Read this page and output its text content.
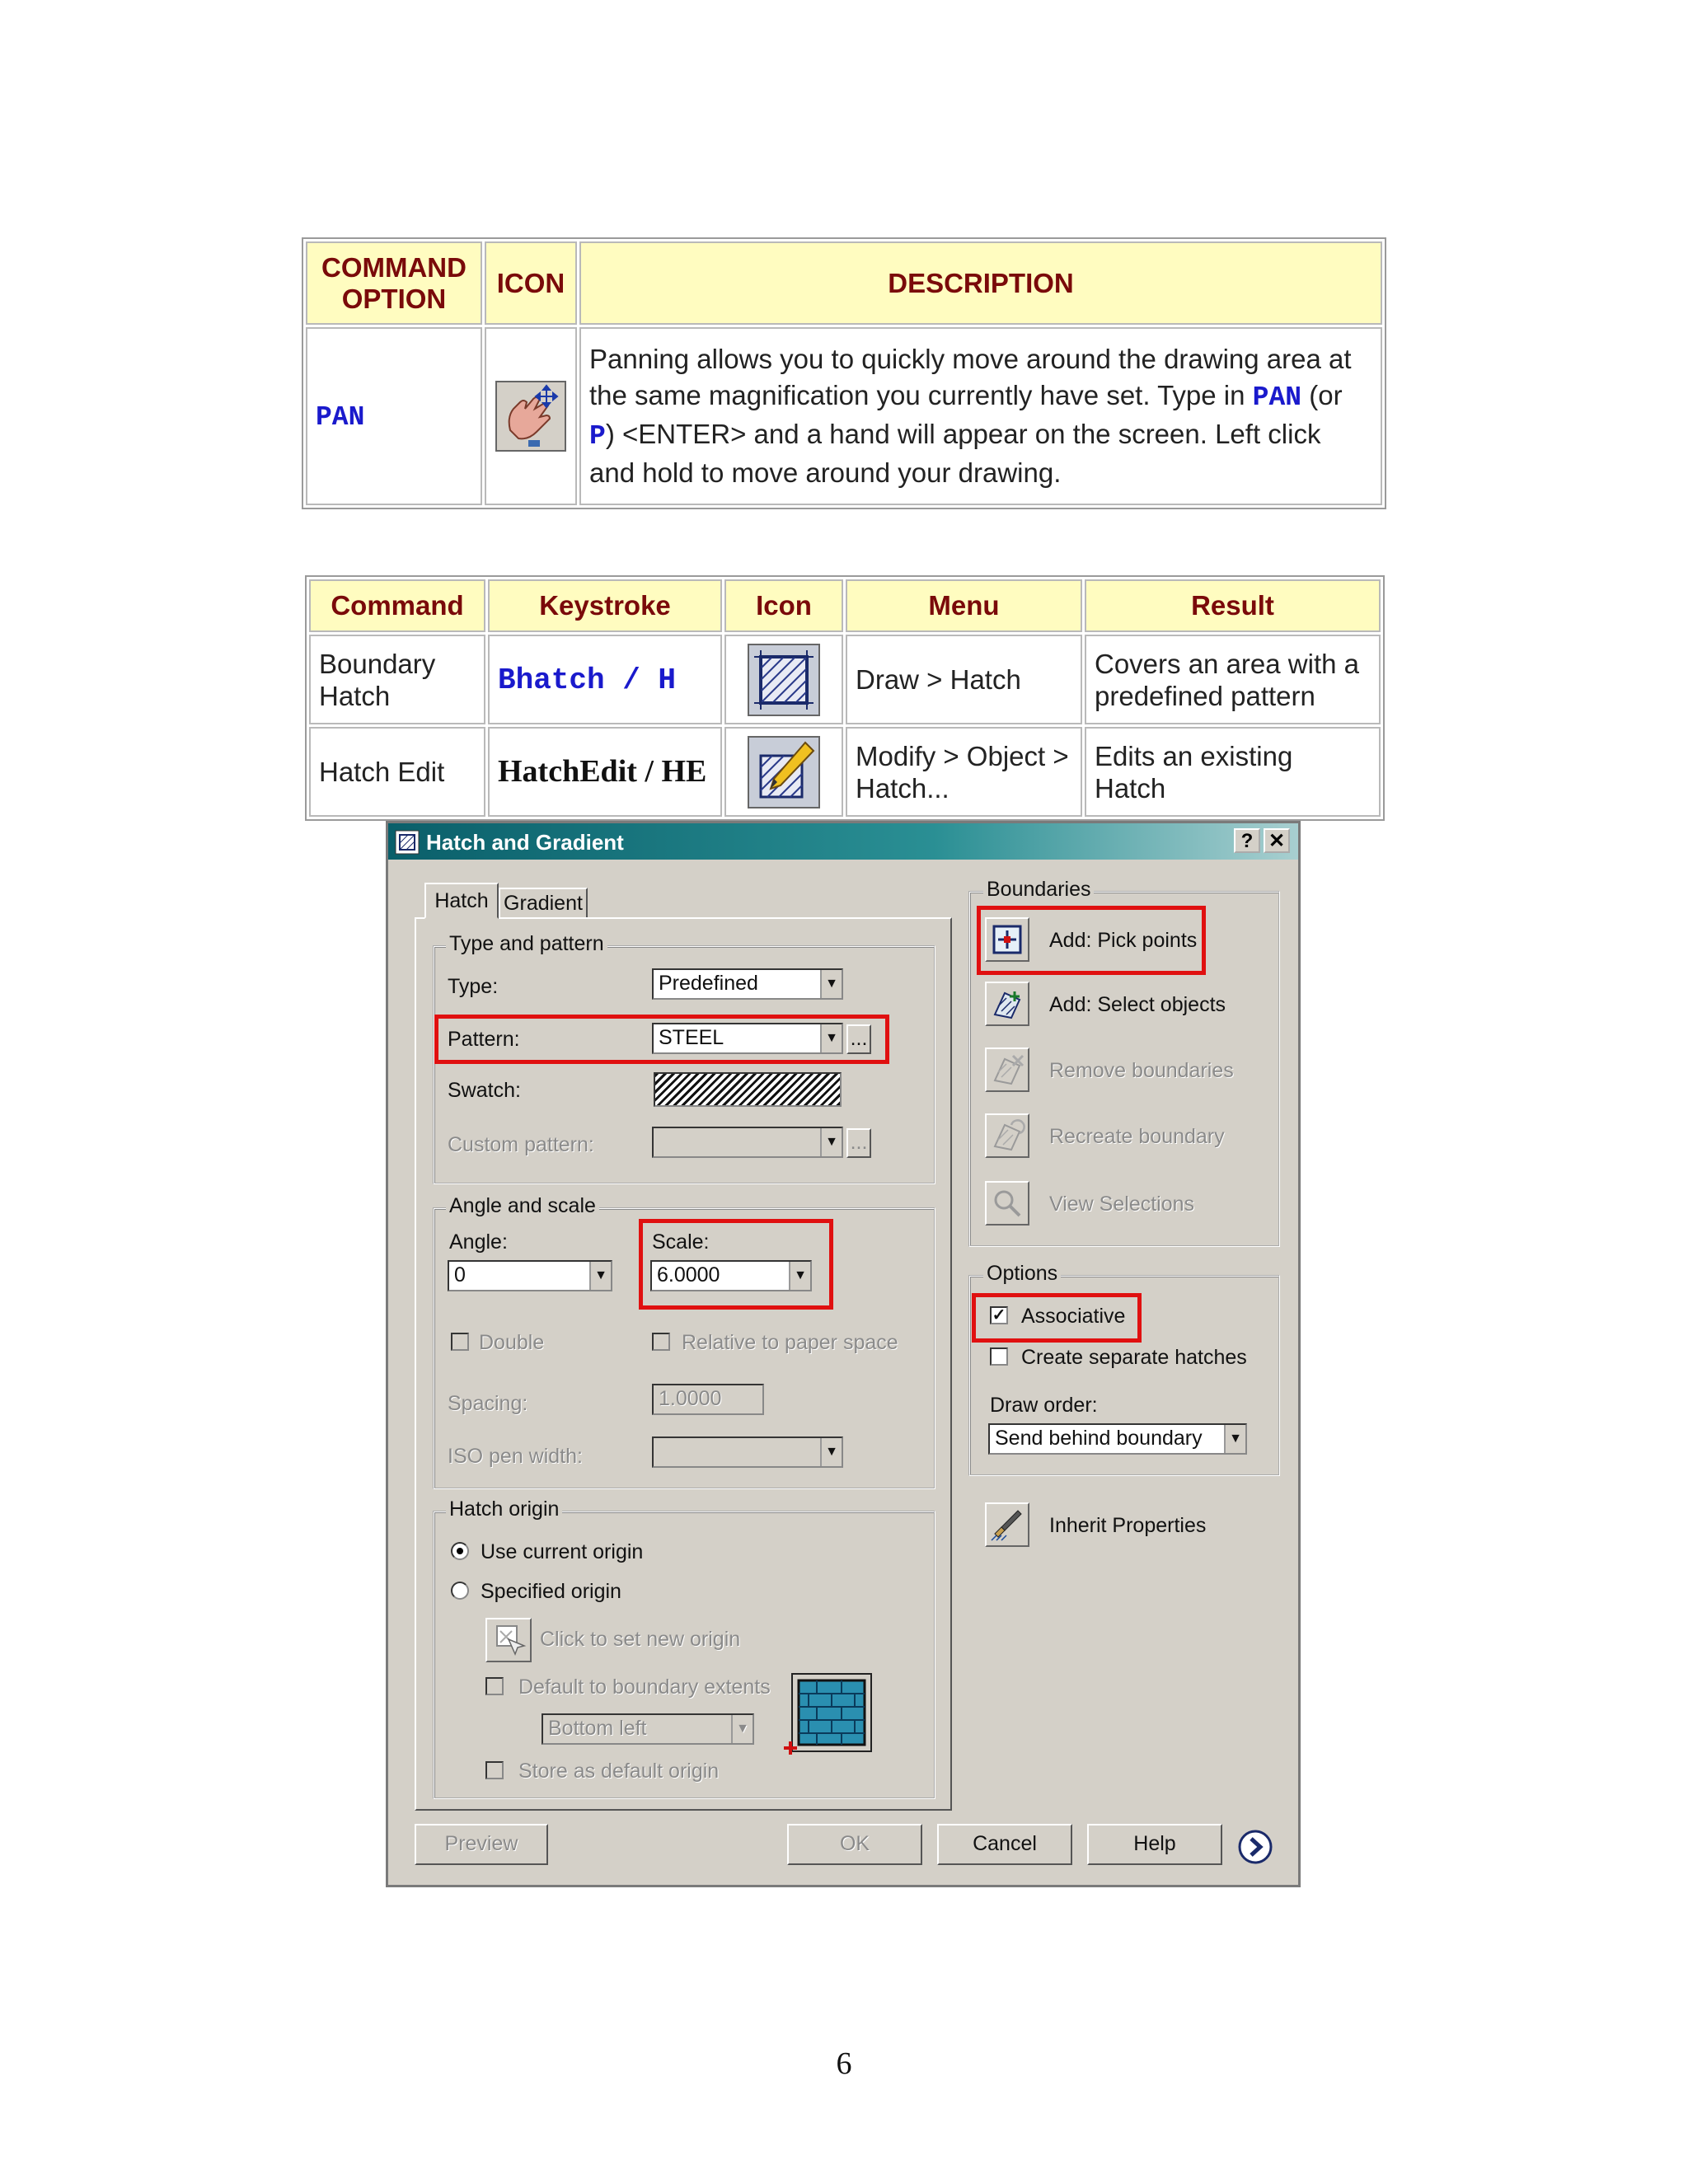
COMMAND
OPTION	ICON	DESCRIPTION
PAN		Panning allows you to quickly move around the drawing area at the same magnification you currently have set. Type in PAN (or P) <ENTER> and a hand will appear on the screen. Left click and hold to move around your drawing.
Command	Keystroke	Icon	Menu	Result
Boundary Hatch	Bhatch / H		Draw > Hatch	Covers an area with a predefined pattern
Hatch Edit	HatchEdit / HE		Modify > Object > Hatch...	Edits an existing Hatch
Hatch and Gradient	? ✕
Hatch Gradient
Type and pattern
Type:	Predefined	▼
Pattern:	STEEL	▼ ...
Swatch:
Custom pattern:	▼ ...
Angle and scale
Angle:
0	▼
Scale:
6.0000	▼
Double	Relative to paper space
Spacing:	1.0000
ISO pen width:	▼
Hatch origin
Use current origin
Specified origin
Click to set new origin
Default to boundary extents
Bottom left	▼
Store as default origin
Boundaries
Add: Pick points
Add: Select objects
Remove boundaries
Recreate boundary
View Selections
Options
✓ Associative
Create separate hatches
Draw order:
Send behind boundary	▼
Inherit Properties
Preview	OK	Cancel	Help
6
